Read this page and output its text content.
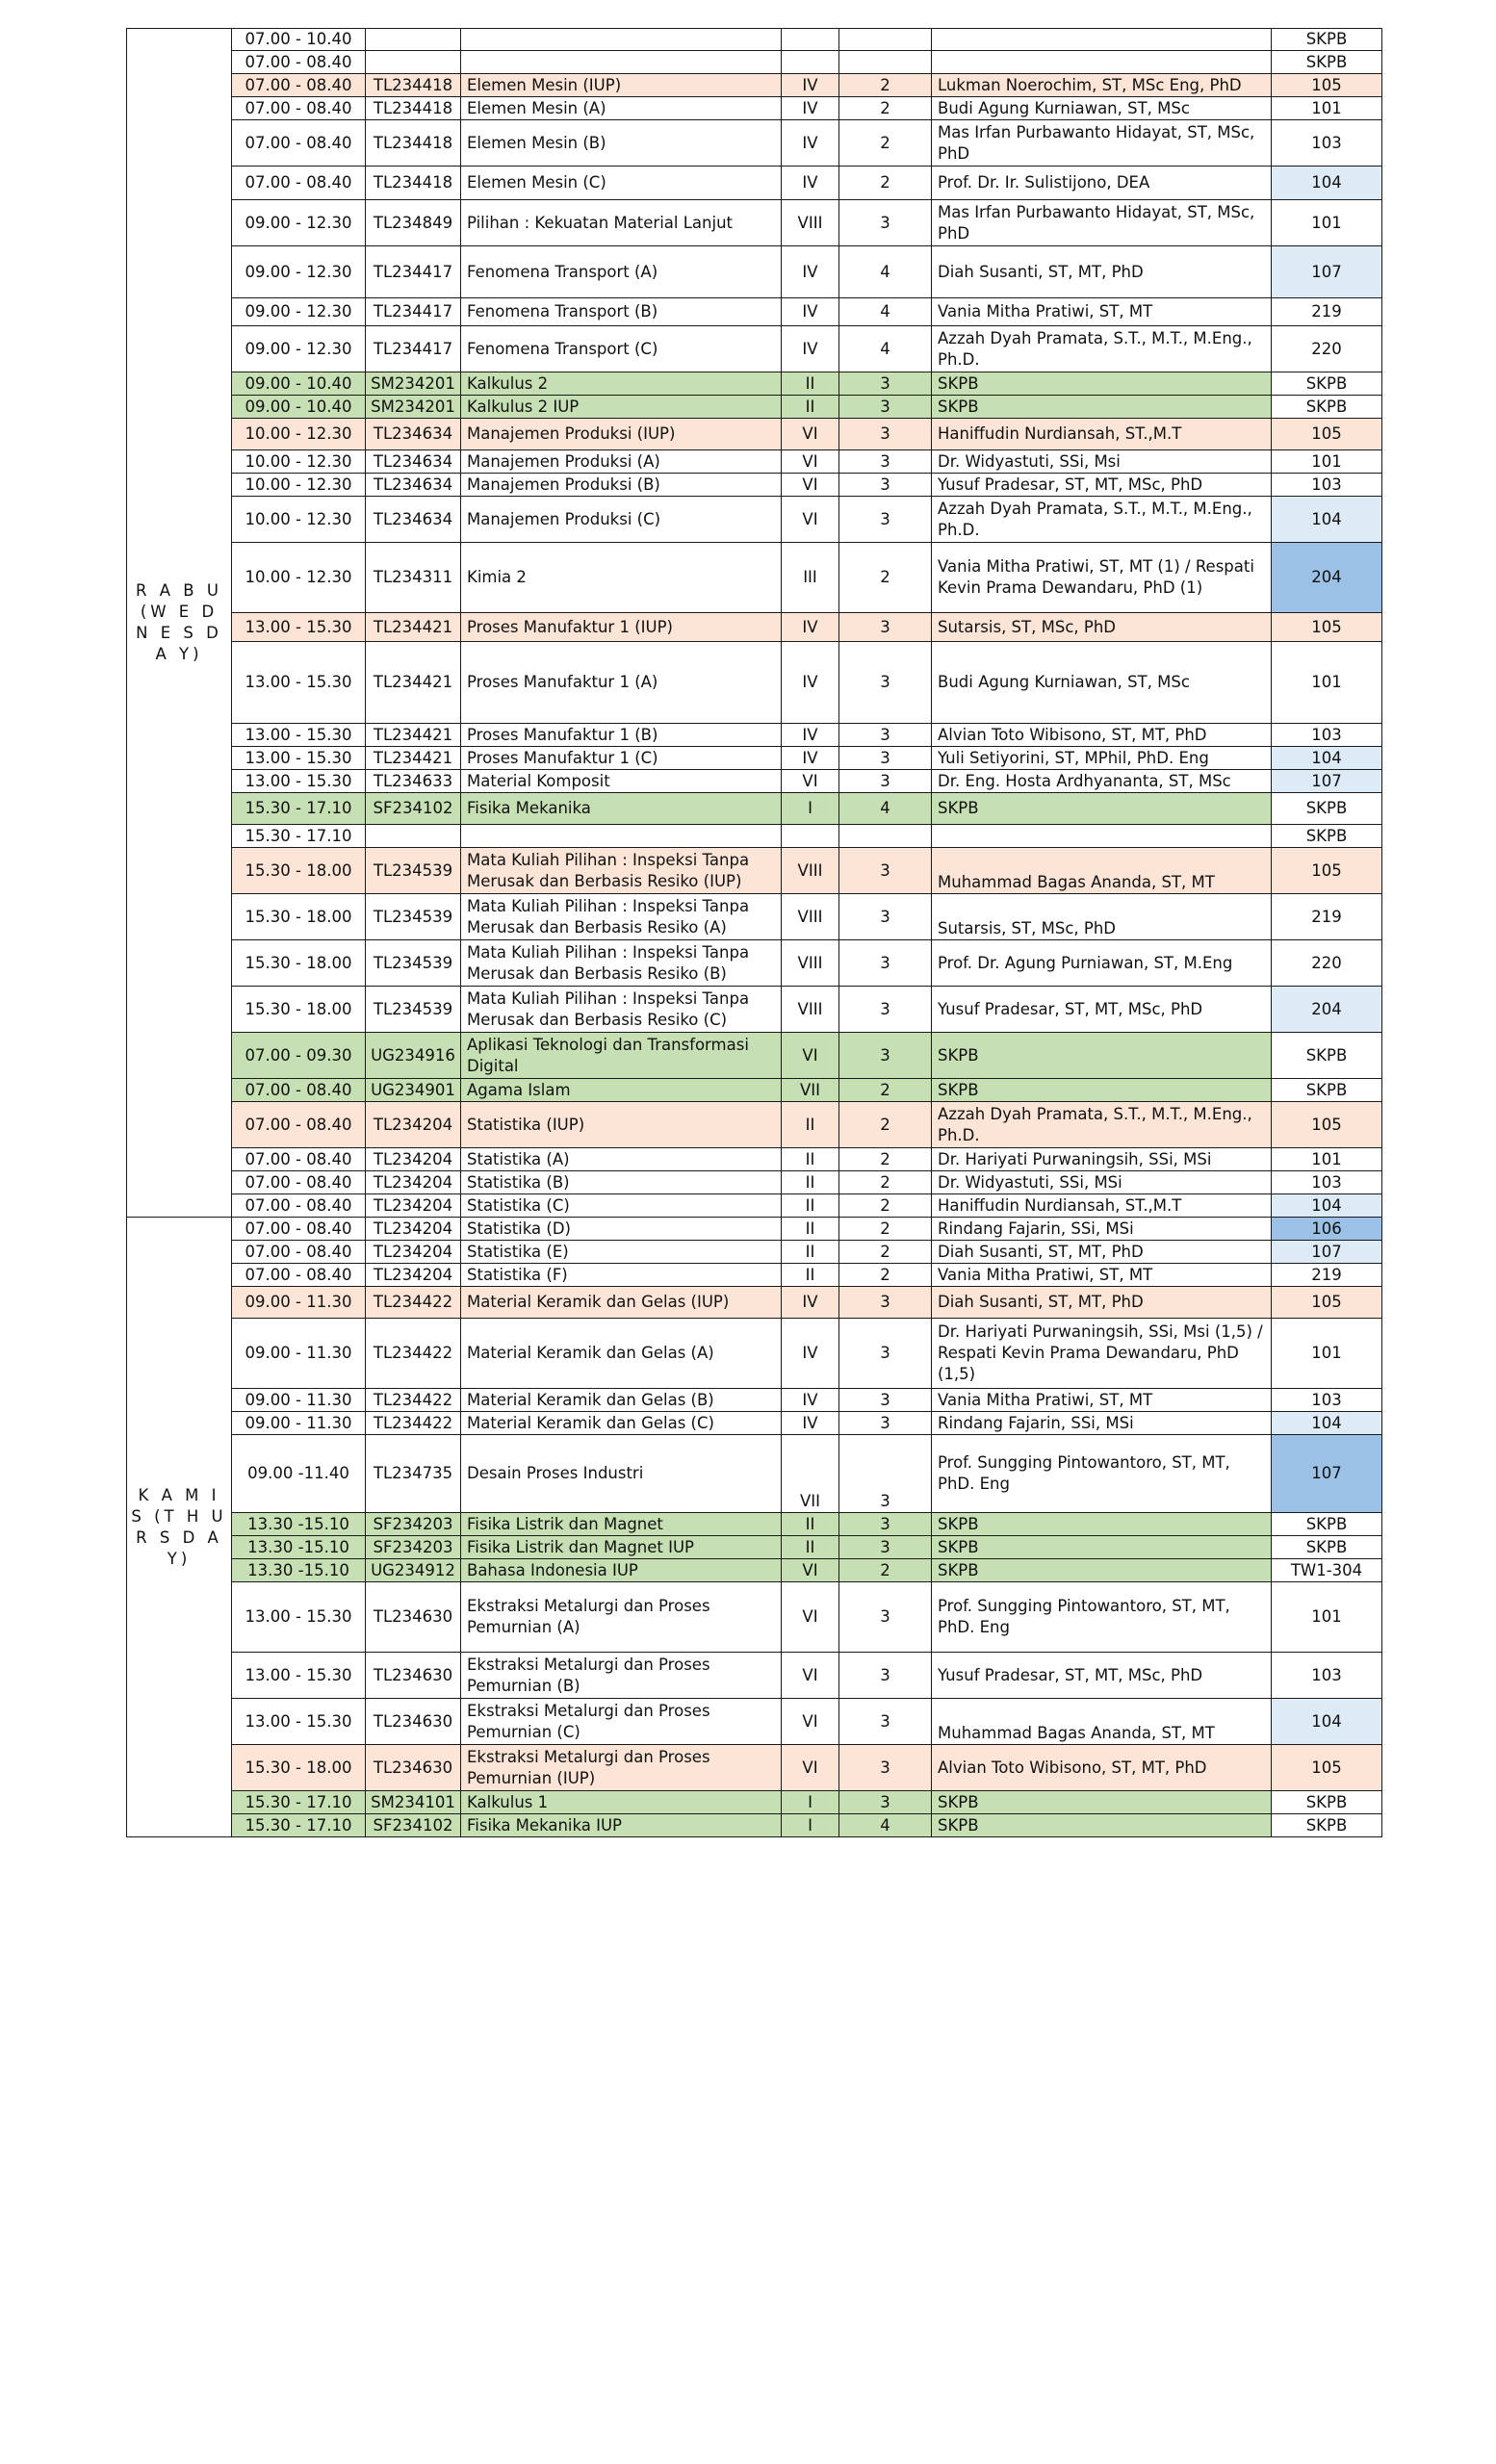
R A B U (W E D N E S D A Y)	07.00 - 10.40						SKPB
	07.00 - 08.40						SKPB
	07.00 - 08.40	TL234418	Elemen Mesin (IUP)	IV	2	Lukman Noerochim, ST, MSc Eng, PhD	105
	07.00 - 08.40	TL234418	Elemen Mesin (A)	IV	2	Budi Agung Kurniawan, ST, MSc	101
	07.00 - 08.40	TL234418	Elemen Mesin (B)	IV	2	Mas Irfan Purbawanto Hidayat, ST, MSc, PhD	103
	07.00 - 08.40	TL234418	Elemen Mesin (C)	IV	2	Prof. Dr. Ir. Sulistijono, DEA	104
	09.00 - 12.30	TL234849	Pilihan : Kekuatan Material Lanjut	VIII	3	Mas Irfan Purbawanto Hidayat, ST, MSc, PhD	101
	09.00 - 12.30	TL234417	Fenomena Transport (A)	IV	4	Diah Susanti, ST, MT, PhD	107
	09.00 - 12.30	TL234417	Fenomena Transport (B)	IV	4	Vania Mitha Pratiwi, ST, MT	219
	09.00 - 12.30	TL234417	Fenomena Transport (C)	IV	4	Azzah Dyah Pramata, S.T., M.T., M.Eng., Ph.D.	220
	09.00 - 10.40	SM234201	Kalkulus 2	II	3	SKPB	SKPB
	09.00 - 10.40	SM234201	Kalkulus 2 IUP	II	3	SKPB	SKPB
	10.00 - 12.30	TL234634	Manajemen Produksi (IUP)	VI	3	Haniffudin Nurdiansah, ST.,M.T	105
	10.00 - 12.30	TL234634	Manajemen Produksi (A)	VI	3	Dr. Widyastuti, SSi, Msi	101
	10.00 - 12.30	TL234634	Manajemen Produksi (B)	VI	3	Yusuf Pradesar, ST, MT, MSc, PhD	103
	10.00 - 12.30	TL234634	Manajemen Produksi (C)	VI	3	Azzah Dyah Pramata, S.T., M.T., M.Eng., Ph.D.	104
	10.00 - 12.30	TL234311	Kimia 2	III	2	Vania Mitha Pratiwi, ST, MT (1) / Respati Kevin Prama Dewandaru, PhD (1)	204
	13.00 - 15.30	TL234421	Proses Manufaktur 1 (IUP)	IV	3	Sutarsis, ST, MSc, PhD	105
	13.00 - 15.30	TL234421	Proses Manufaktur 1 (A)	IV	3	Budi Agung Kurniawan, ST, MSc	101
	13.00 - 15.30	TL234421	Proses Manufaktur 1 (B)	IV	3	Alvian Toto Wibisono, ST, MT, PhD	103
	13.00 - 15.30	TL234421	Proses Manufaktur 1 (C)	IV	3	Yuli Setiyorini, ST, MPhil, PhD. Eng	104
	13.00 - 15.30	TL234633	Material Komposit	VI	3	Dr. Eng. Hosta Ardhyananta, ST, MSc	107
	15.30 - 17.10	SF234102	Fisika Mekanika	I	4	SKPB	SKPB
	15.30 - 17.10						SKPB
	15.30 - 18.00	TL234539	Mata Kuliah Pilihan : Inspeksi Tanpa Merusak dan Berbasis Resiko (IUP)	VIII	3	Muhammad Bagas Ananda, ST, MT	105
	15.30 - 18.00	TL234539	Mata Kuliah Pilihan : Inspeksi Tanpa Merusak dan Berbasis Resiko (A)	VIII	3	Sutarsis, ST, MSc, PhD	219
	15.30 - 18.00	TL234539	Mata Kuliah Pilihan : Inspeksi Tanpa Merusak dan Berbasis Resiko (B)	VIII	3	Prof. Dr. Agung Purniawan, ST, M.Eng	220
	15.30 - 18.00	TL234539	Mata Kuliah Pilihan : Inspeksi Tanpa Merusak dan Berbasis Resiko (C)	VIII	3	Yusuf Pradesar, ST, MT, MSc, PhD	204
	07.00 - 09.30	UG234916	Aplikasi Teknologi dan Transformasi Digital	VI	3	SKPB	SKPB
	07.00 - 08.40	UG234901	Agama Islam	VII	2	SKPB	SKPB
	07.00 - 08.40	TL234204	Statistika (IUP)	II	2	Azzah Dyah Pramata, S.T., M.T., M.Eng., Ph.D.	105
	07.00 - 08.40	TL234204	Statistika (A)	II	2	Dr. Hariyati Purwaningsih, SSi, MSi	101
	07.00 - 08.40	TL234204	Statistika (B)	II	2	Dr. Widyastuti, SSi, MSi	103
	07.00 - 08.40	TL234204	Statistika (C)	II	2	Haniffudin Nurdiansah, ST.,M.T	104

K A M I S (T H U R S D A Y)	07.00 - 08.40	TL234204	Statistika (D)	II	2	Rindang Fajarin, SSi, MSi	106
	07.00 - 08.40	TL234204	Statistika (E)	II	2	Diah Susanti, ST, MT, PhD	107
	07.00 - 08.40	TL234204	Statistika (F)	II	2	Vania Mitha Pratiwi, ST, MT	219
	09.00 - 11.30	TL234422	Material Keramik dan Gelas (IUP)	IV	3	Diah Susanti, ST, MT, PhD	105
	09.00 - 11.30	TL234422	Material Keramik dan Gelas (A)	IV	3	Dr. Hariyati Purwaningsih, SSi, Msi (1,5) / Respati Kevin Prama Dewandaru, PhD (1,5)	101
	09.00 - 11.30	TL234422	Material Keramik dan Gelas (B)	IV	3	Vania Mitha Pratiwi, ST, MT	103
	09.00 - 11.30	TL234422	Material Keramik dan Gelas (C)	IV	3	Rindang Fajarin, SSi, MSi	104
	09.00 -11.40	TL234735	Desain Proses Industri	VII	3	Prof. Sungging Pintowantoro, ST, MT, PhD. Eng	107
	13.30 -15.10	SF234203	Fisika Listrik dan Magnet	II	3	SKPB	SKPB
	13.30 -15.10	SF234203	Fisika Listrik dan Magnet IUP	II	3	SKPB	SKPB
	13.30 -15.10	UG234912	Bahasa Indonesia IUP	VI	2	SKPB	TW1-304
	13.00 - 15.30	TL234630	Ekstraksi Metalurgi dan Proses Pemurnian (A)	VI	3	Prof. Sungging Pintowantoro, ST, MT, PhD. Eng	101
	13.00 - 15.30	TL234630	Ekstraksi Metalurgi dan Proses Pemurnian (B)	VI	3	Yusuf Pradesar, ST, MT, MSc, PhD	103
	13.00 - 15.30	TL234630	Ekstraksi Metalurgi dan Proses Pemurnian (C)	VI	3	Muhammad Bagas Ananda, ST, MT	104
	15.30 - 18.00	TL234630	Ekstraksi Metalurgi dan Proses Pemurnian (IUP)	VI	3	Alvian Toto Wibisono, ST, MT, PhD	105
	15.30 - 17.10	SM234101	Kalkulus 1	I	3	SKPB	SKPB
	15.30 - 17.10	SF234102	Fisika Mekanika IUP	I	4	SKPB	SKPB
